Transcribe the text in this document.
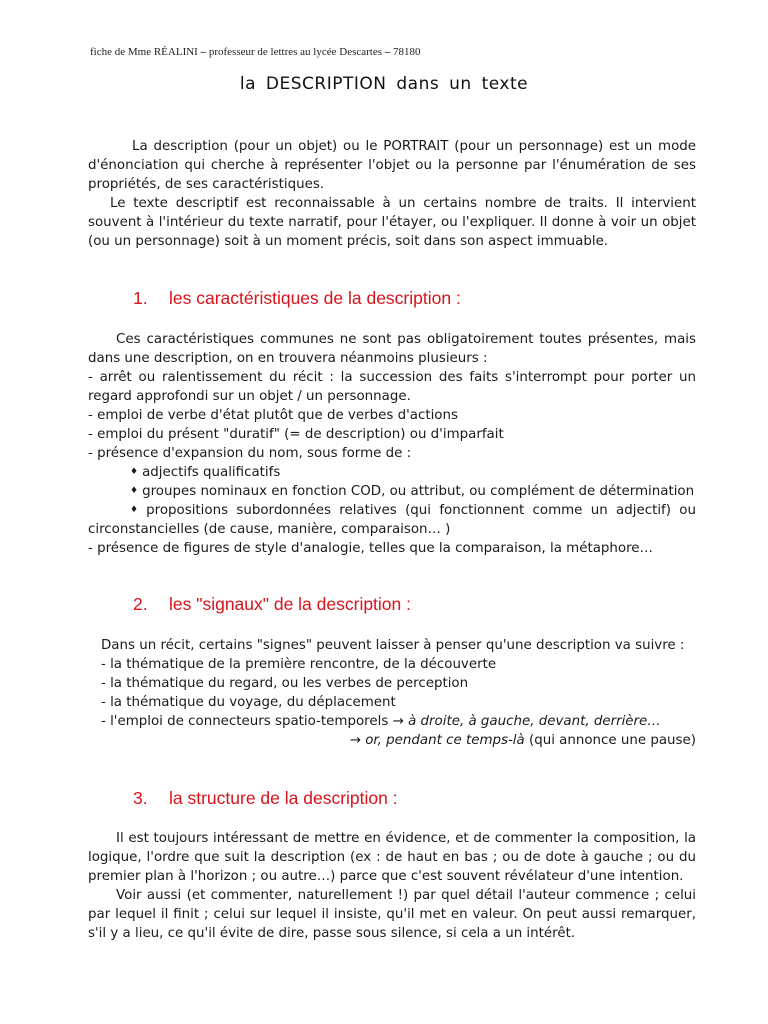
fiche de Mme RÉALINI – professeur de lettres au lycée Descartes – 78180
la DESCRIPTION dans un texte

La description (pour un objet) ou le PORTRAIT (pour un personnage) est un mode d'énonciation qui cherche à représenter l'objet ou la personne par l'énumération de ses propriétés, de ses caractéristiques.

Le texte descriptif est reconnaissable à un certains nombre de traits. Il intervient souvent à l'intérieur du texte narratif, pour l'étayer, ou l'expliquer. Il donne à voir un objet (ou un personnage) soit à un moment précis, soit dans son aspect immuable.

1. les caractéristiques de la description :

Ces caractéristiques communes ne sont pas obligatoirement toutes présentes, mais dans une description, on en trouvera néanmoins plusieurs :

- arrêt ou ralentissement du récit : la succession des faits s'interrompt pour porter un regard approfondi sur un objet / un personnage.

- emploi de verbe d'état plutôt que de verbes d'actions

- emploi du présent "duratif" (= de description) ou d'imparfait

- présence d'expansion du nom, sous forme de :

♦ adjectifs qualificatifs

♦ groupes nominaux en fonction COD, ou attribut, ou complément de détermination

♦ propositions subordonnées relatives (qui fonctionnent comme un adjectif) ou circonstancielles (de cause, manière, comparaison… )

- présence de figures de style d'analogie, telles que la comparaison, la métaphore…

2. les "signaux" de la description :

Dans un récit, certains "signes" peuvent laisser à penser qu'une description va suivre :

- la thématique de la première rencontre, de la découverte

- la thématique du regard, ou les verbes de perception

- la thématique du voyage, du déplacement

- l'emploi de connecteurs spatio-temporels → à droite, à gauche, devant, derrière…

→ or, pendant ce temps-là (qui annonce une pause)

3. la structure de la description :

Il est toujours intéressant de mettre en évidence, et de commenter la composition, la logique, l'ordre que suit la description (ex : de haut en bas ; ou de dote à gauche ; ou du premier plan à l'horizon ; ou autre…) parce que c'est souvent révélateur d'une intention.

Voir aussi (et commenter, naturellement !) par quel détail l'auteur commence ; celui par lequel il finit ; celui sur lequel il insiste, qu'il met en valeur. On peut aussi remarquer, s'il y a lieu, ce qu'il évite de dire, passe sous silence, si cela a un intérêt.
